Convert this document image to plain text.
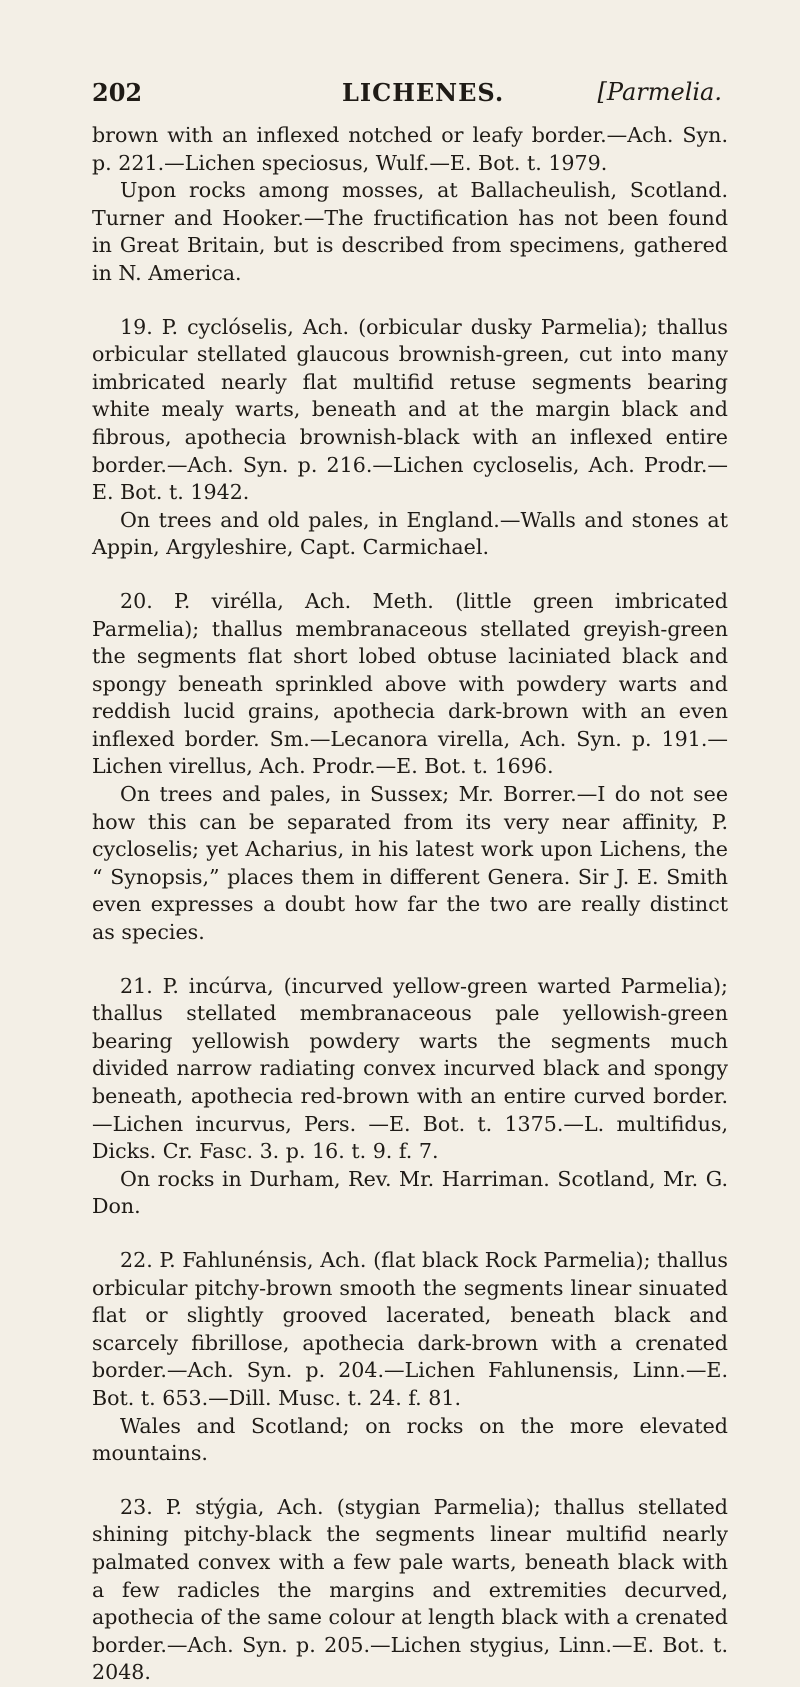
202	LICHENES.	[Parmelia.

brown with an inflexed notched or leafy border.—Ach. Syn. p. 221.—Lichen speciosus, Wulf.—E. Bot. t. 1979.

Upon rocks among mosses, at Ballacheulish, Scotland. Turner and Hooker.—The fructification has not been found in Great Britain, but is described from specimens, gathered in N. America.

19. P. cyclóselis, Ach. (orbicular dusky Parmelia); thallus orbicular stellated glaucous brownish-green, cut into many imbricated nearly flat multifid retuse segments bearing white mealy warts, beneath and at the margin black and fibrous, apothecia brownish-black with an inflexed entire border.—Ach. Syn. p. 216.—Lichen cycloselis, Ach. Prodr.—E. Bot. t. 1942.

On trees and old pales, in England.—Walls and stones at Appin, Argyleshire, Capt. Carmichael.

20. P. virélla, Ach. Meth. (little green imbricated Parmelia); thallus membranaceous stellated greyish-green the segments flat short lobed obtuse laciniated black and spongy beneath sprinkled above with powdery warts and reddish lucid grains, apothecia dark-brown with an even inflexed border. Sm.—Lecanora virella, Ach. Syn. p. 191.—Lichen virellus, Ach. Prodr.—E. Bot. t. 1696.

On trees and pales, in Sussex; Mr. Borrer.—I do not see how this can be separated from its very near affinity, P. cycloselis; yet Acharius, in his latest work upon Lichens, the “ Synopsis,” places them in different Genera. Sir J. E. Smith even expresses a doubt how far the two are really distinct as species.

21. P. incúrva, (incurved yellow-green warted Parmelia); thallus stellated membranaceous pale yellowish-green bearing yellowish powdery warts the segments much divided narrow radiating convex incurved black and spongy beneath, apothecia red-brown with an entire curved border.—Lichen incurvus, Pers. —E. Bot. t. 1375.—L. multifidus, Dicks. Cr. Fasc. 3. p. 16. t. 9. f. 7.

On rocks in Durham, Rev. Mr. Harriman. Scotland, Mr. G. Don.

22. P. Fahlunénsis, Ach. (flat black Rock Parmelia); thallus orbicular pitchy-brown smooth the segments linear sinuated flat or slightly grooved lacerated, beneath black and scarcely fibrillose, apothecia dark-brown with a crenated border.—Ach. Syn. p. 204.—Lichen Fahlunensis, Linn.—E. Bot. t. 653.—Dill. Musc. t. 24. f. 81.

Wales and Scotland; on rocks on the more elevated mountains.

23. P. stýgia, Ach. (stygian Parmelia); thallus stellated shining pitchy-black the segments linear multifid nearly palmated convex with a few pale warts, beneath black with a few radicles the margins and extremities decurved, apothecia of the same colour at length black with a crenated border.—Ach. Syn. p. 205.—Lichen stygius, Linn.—E. Bot. t. 2048.
